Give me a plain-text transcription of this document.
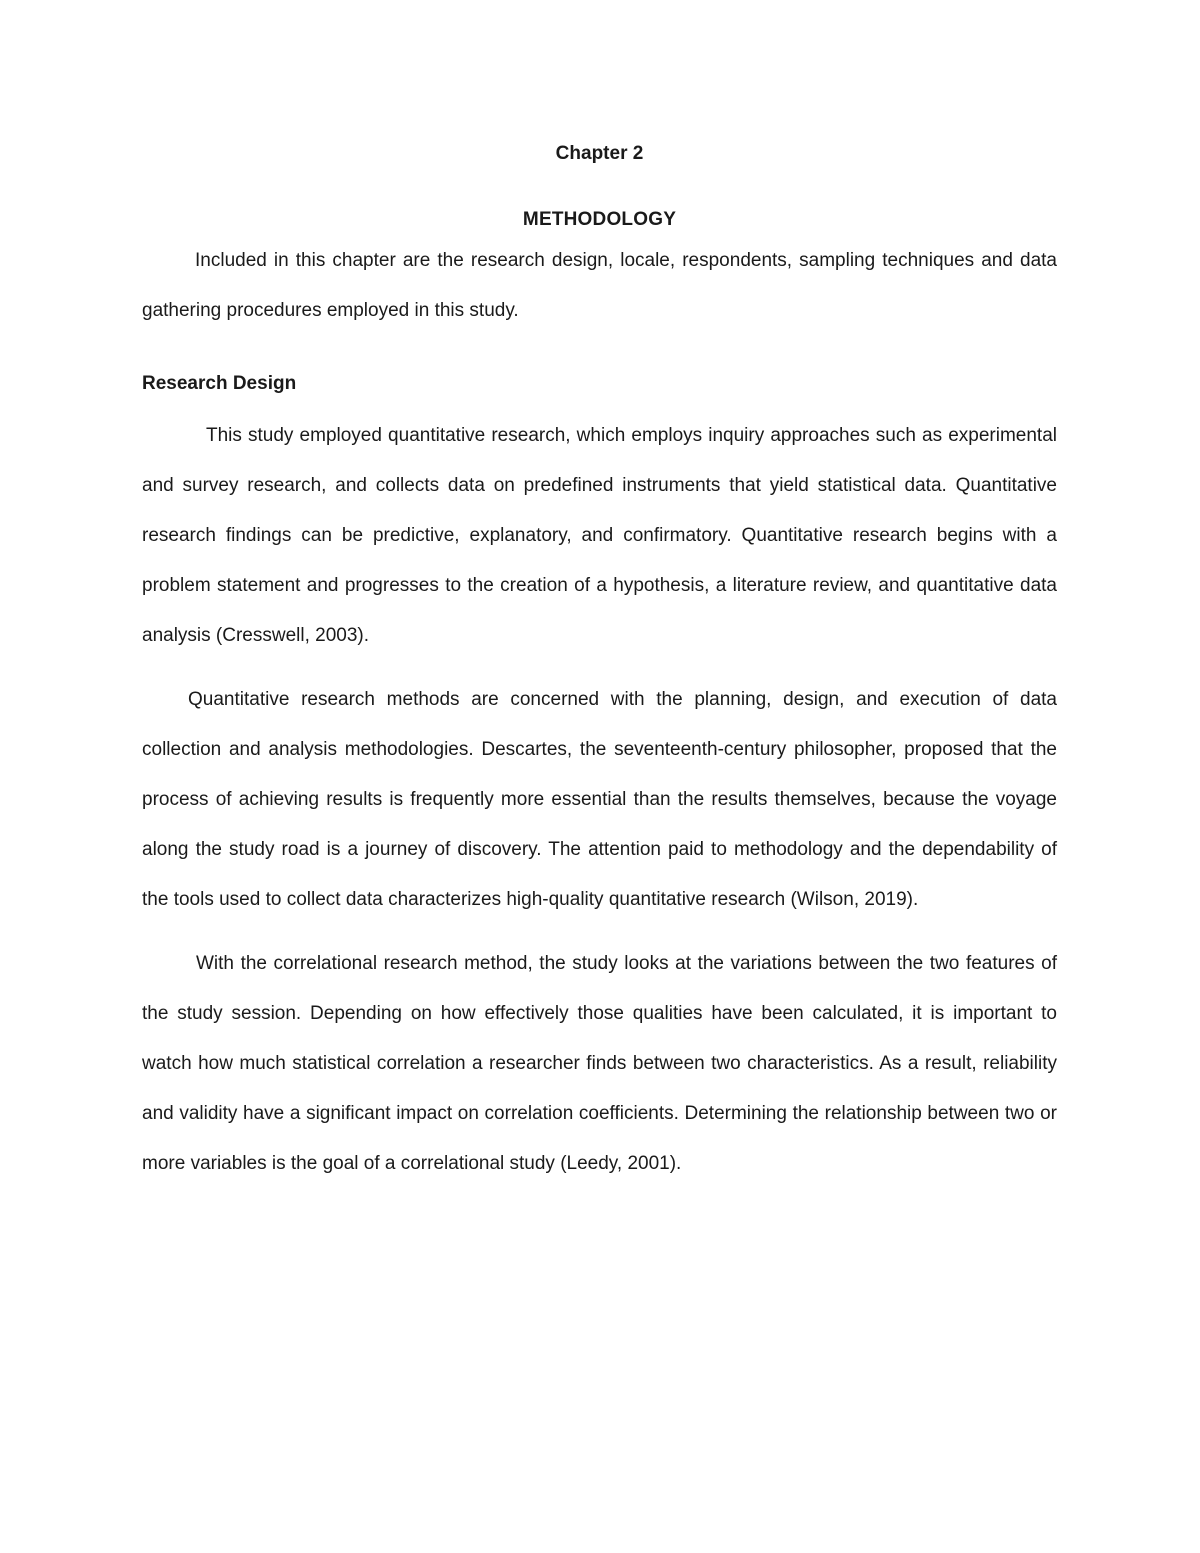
Chapter 2
METHODOLOGY

Included in this chapter are the research design, locale, respondents, sampling techniques and data gathering procedures employed in this study.

Research Design

This study employed quantitative research, which employs inquiry approaches such as experimental and survey research, and collects data on predefined instruments that yield statistical data. Quantitative research findings can be predictive, explanatory, and confirmatory. Quantitative research begins with a problem statement and progresses to the creation of a hypothesis, a literature review, and quantitative data analysis (Cresswell, 2003).

Quantitative research methods are concerned with the planning, design, and execution of data collection and analysis methodologies. Descartes, the seventeenth-century philosopher, proposed that the process of achieving results is frequently more essential than the results themselves, because the voyage along the study road is a journey of discovery. The attention paid to methodology and the dependability of the tools used to collect data characterizes high-quality quantitative research (Wilson, 2019).

With the correlational research method, the study looks at the variations between the two features of the study session. Depending on how effectively those qualities have been calculated, it is important to watch how much statistical correlation a researcher finds between two characteristics. As a result, reliability and validity have a significant impact on correlation coefficients. Determining the relationship between two or more variables is the goal of a correlational study (Leedy, 2001).
